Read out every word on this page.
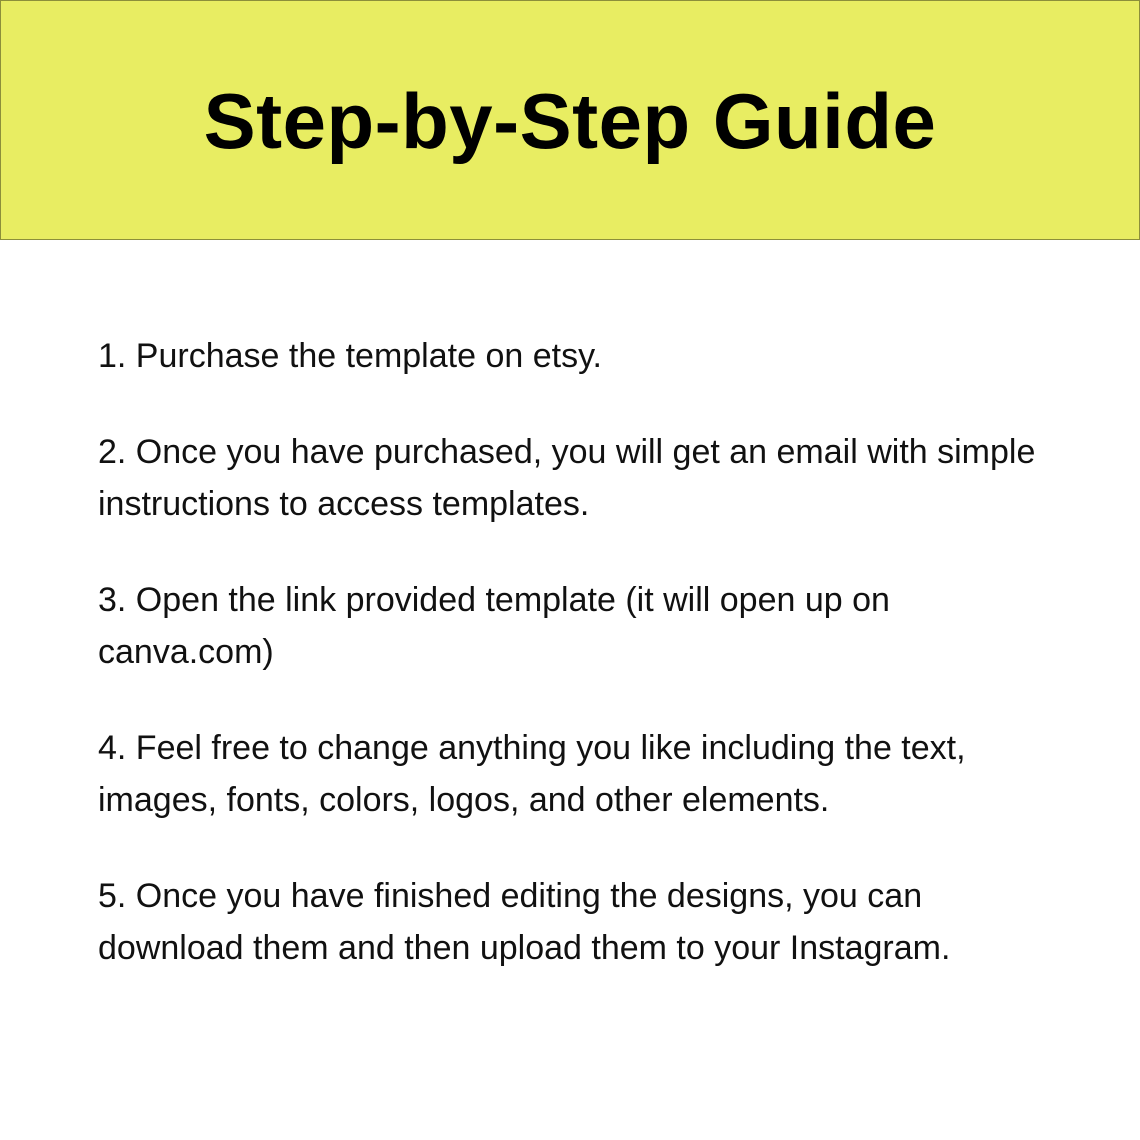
Step-by-Step Guide
1. Purchase the template on etsy.
2. Once you have purchased, you will get an email with simple instructions to access templates.
3. Open the link provided template (it will open up on canva.com)
4. Feel free to change anything you like including the text, images, fonts, colors, logos, and other elements.
5. Once you have finished editing the designs, you can download them and then upload them to your Instagram.
